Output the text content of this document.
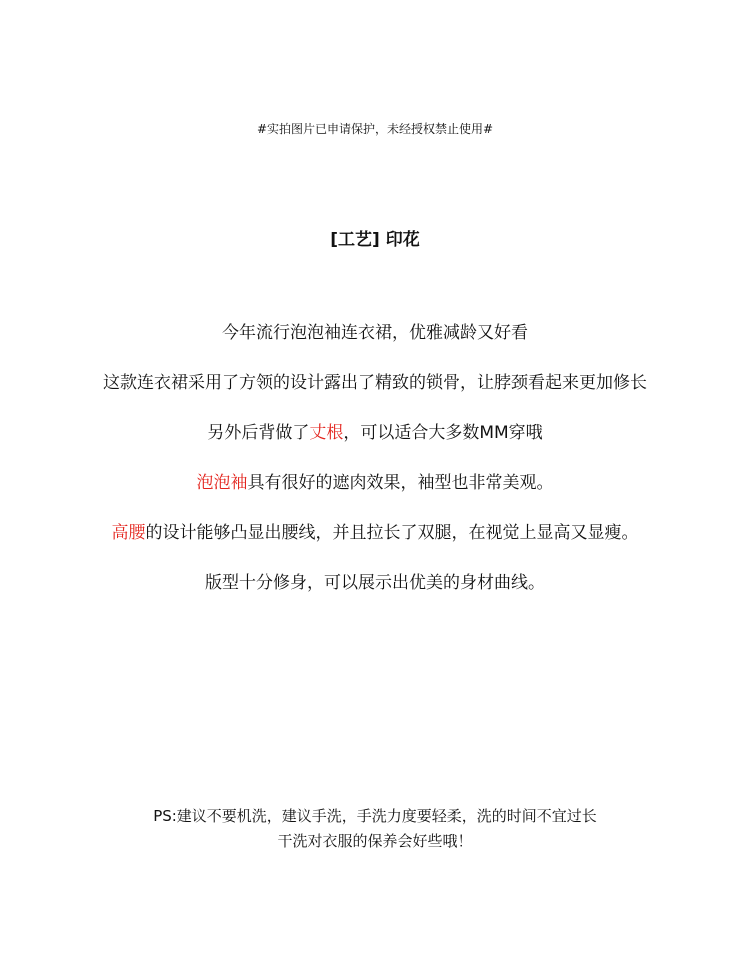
#实拍图片已申请保护，未经授权禁止使用#
[工艺] 印花
今年流行泡泡袖连衣裙，优雅减龄又好看
这款连衣裙采用了方领的设计露出了精致的锁骨，让脖颈看起来更加修长
另外后背做了丈根，可以适合大多数MM穿哦
泡泡袖具有很好的遮肉效果，袖型也非常美观。
高腰的设计能够凸显出腰线，并且拉长了双腿，在视觉上显高又显瘦。
版型十分修身，可以展示出优美的身材曲线。
PS:建议不要机洗，建议手洗，手洗力度要轻柔，洗的时间不宜过长
干洗对衣服的保养会好些哦！
